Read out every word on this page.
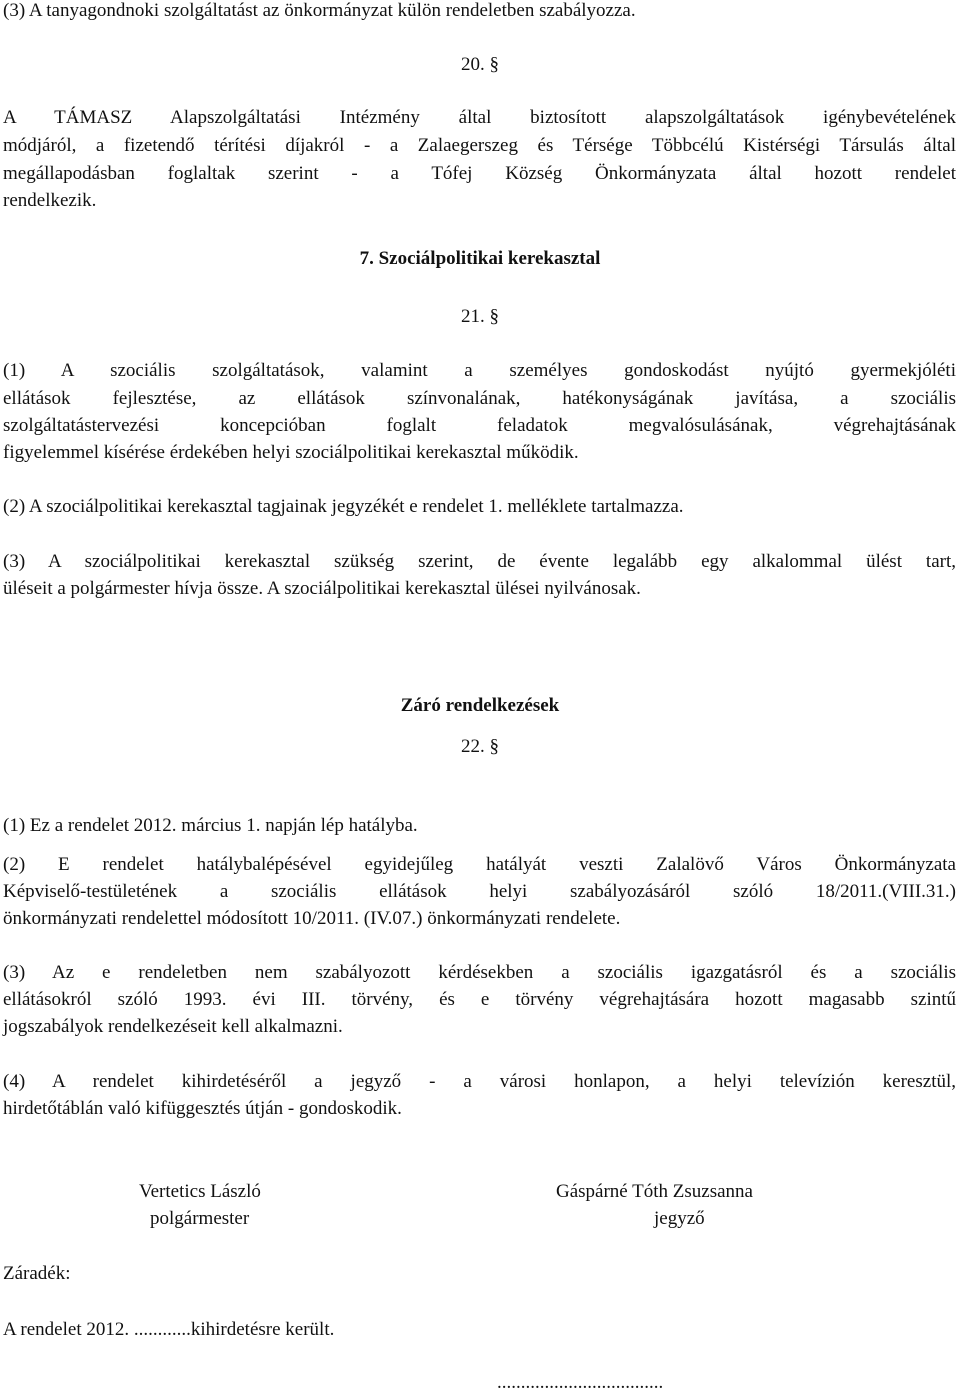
(3) A tanyagondnoki szolgáltatást az önkormányzat külön rendeletben szabályozza.
20. §
A TÁMASZ Alapszolgáltatási Intézmény által biztosított alapszolgáltatások igénybevételének
módjáról, a fizetendő térítési díjakról - a Zalaegerszeg és Térsége Többcélú Kistérségi Társulás által
megállapodásban foglaltak szerint - a Tófej Község Önkormányzata által hozott rendelet
rendelkezik.
7. Szociálpolitikai kerekasztal
21. §
(1) A szociális szolgáltatások, valamint a személyes gondoskodást nyújtó gyermekjóléti
ellátások fejlesztése, az ellátások színvonalának, hatékonyságának javítása, a szociális
szolgáltatástervezési koncepcióban foglalt feladatok megvalósulásának, végrehajtásának
figyelemmel kísérése érdekében helyi szociálpolitikai kerekasztal működik.
(2) A szociálpolitikai kerekasztal tagjainak jegyzékét e rendelet 1. melléklete tartalmazza.
(3) A szociálpolitikai kerekasztal szükség szerint, de évente legalább egy alkalommal ülést tart,
üléseit a polgármester hívja össze. A szociálpolitikai kerekasztal ülései nyilvánosak.
Záró rendelkezések
22. §
(1) Ez a rendelet 2012. március 1. napján lép hatályba.
(2) E rendelet hatálybalépésével egyidejűleg hatályát veszti Zalalövő Város Önkormányzata
Képviselő-testületének a szociális ellátások helyi szabályozásáról szóló 18/2011.(VIII.31.)
önkormányzati rendelettel módosított 10/2011. (IV.07.) önkormányzati rendelete.
(3) Az e rendeletben nem szabályozott kérdésekben a szociális igazgatásról és a szociális
ellátásokról szóló 1993. évi III. törvény, és e törvény végrehajtására hozott magasabb szintű
jogszabályok rendelkezéseit kell alkalmazni.
(4) A rendelet kihirdetéséről a jegyző - a városi honlapon, a helyi televízión keresztül,
hirdetőtáblán való kifüggesztés útján - gondoskodik.
Vertetics László
polgármester
Gáspárné Tóth Zsuzsanna
jegyző
Záradék:
A rendelet 2012. ............kihirdetésre került.
...................................
